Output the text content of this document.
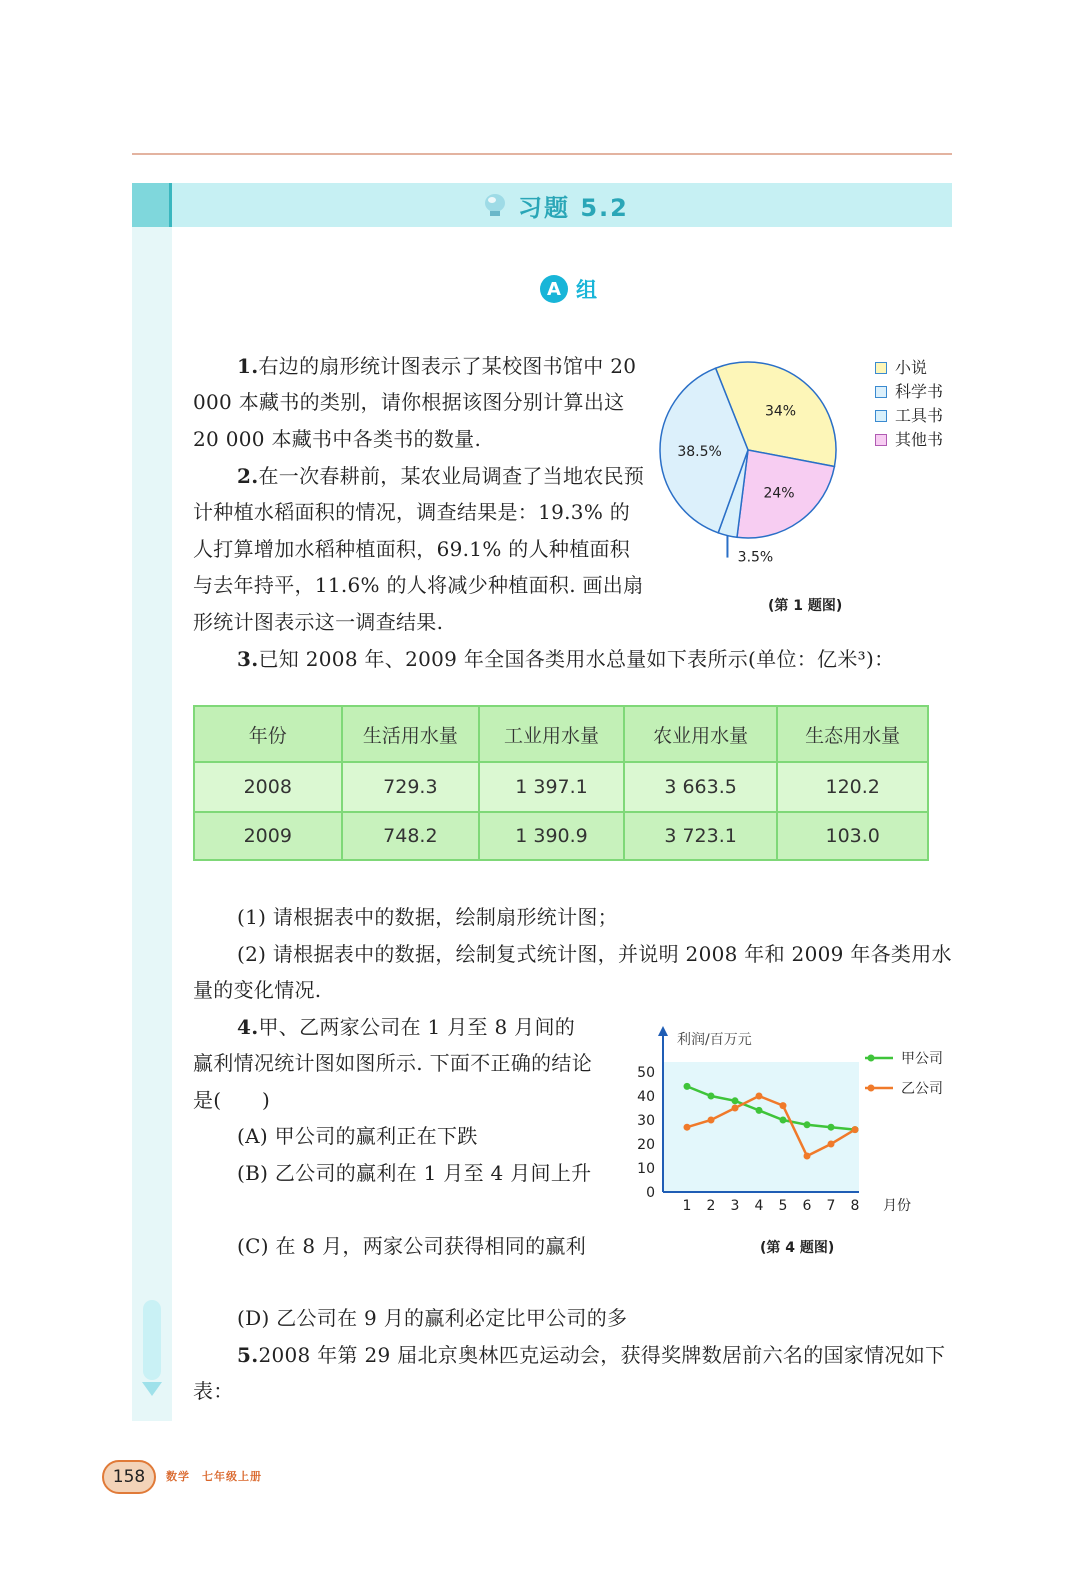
习题 5.2
A 组
1.右边的扇形统计图表示了某校图书馆中 20 000 本藏书的类别，请你根据该图分别计算出这 20 000 本藏书中各类书的数量.
2.在一次春耕前，某农业局调查了当地农民预计种植水稻面积的情况，调查结果是：19.3% 的人打算增加水稻种植面积，69.1% 的人种植面积与去年持平，11.6% 的人将减少种植面积. 画出扇形统计图表示这一调查结果.
34%
24%
3.5%
38.5%
小说
科学书
工具书
其他书
(第 1 题图)
3.已知 2008 年、2009 年全国各类用水总量如下表所示(单位：亿米³)：
年份	生活用水量	工业用水量	农业用水量	生态用水量
2008	729.3	1 397.1	3 663.5	120.2
2009	748.2	1 390.9	3 723.1	103.0
(1) 请根据表中的数据，绘制扇形统计图；
(2) 请根据表中的数据，绘制复式统计图，并说明 2008 年和 2009 年各类用水量的变化情况.
4.甲、乙两家公司在 1 月至 8 月间的赢利情况统计图如图所示. 下面不正确的结论是(　　)
(A) 甲公司的赢利正在下跌
(B) 乙公司的赢利在 1 月至 4 月间上升
(C) 在 8 月，两家公司获得相同的赢利
(D) 乙公司在 9 月的赢利必定比甲公司的多
0
10
20
30
40
50
1 2 3 4 5 6 7 8
利润/百万元
月份
甲公司
乙公司
(第 4 题图)
5.2008 年第 29 届北京奥林匹克运动会，获得奖牌数居前六名的国家情况如下表：
158	数学　七年级上册
